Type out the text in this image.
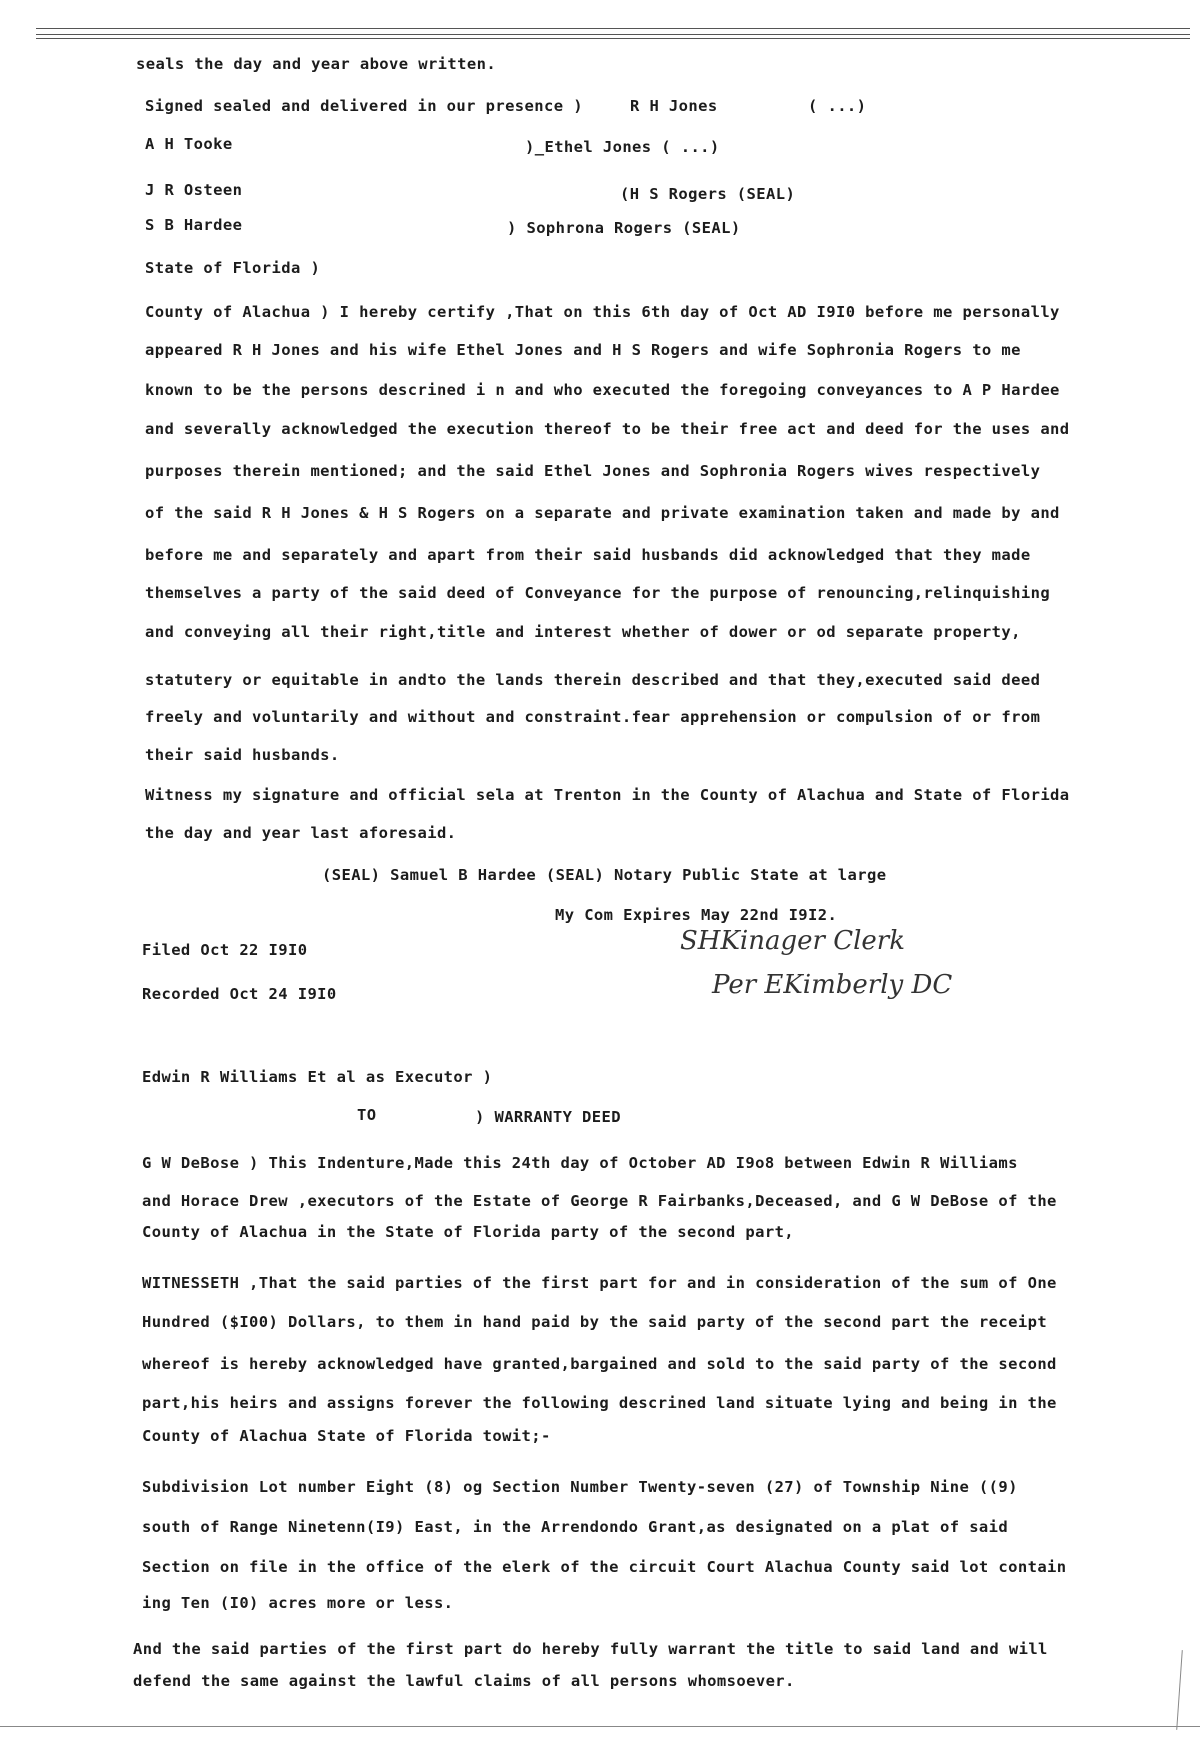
seals the day and year above written.
Signed sealed and delivered in our presence )	R H Jones	( ...)
A H Tooke	)_Ethel Jones ( ...)
J R Osteen	(H S Rogers (SEAL)
S B Hardee	) Sophrona Rogers (SEAL)
State of Florida )
County of Alachua ) I hereby certify ,That on this 6th day of Oct AD I9I0 before me personally
appeared R H Jones and his wife Ethel Jones and H S Rogers and wife Sophronia Rogers to me
known to be the persons descrined i n and who executed the foregoing conveyances to A P Hardee
and severally acknowledged the execution thereof to be their free act and deed for the uses and
purposes therein mentioned; and the said Ethel Jones and Sophronia Rogers wives respectively
of the said R H Jones & H S Rogers on a separate and private examination taken and made by and
before me and separately and apart from their said husbands did acknowledged that they made
themselves a party of the said deed of Conveyance for the purpose of renouncing,relinquishing
and conveying all their right,title and interest whether of dower or od separate property,
statutery or equitable in andto the lands therein described and that they,executed said deed
freely and voluntarily and without and constraint.fear apprehension or compulsion of or from
their said husbands.
Witness my signature and official sela at Trenton in the County of Alachua and State of Florida
the day and year last aforesaid.
(SEAL) Samuel B Hardee (SEAL) Notary Public State at large
My Com Expires May 22nd I9I2.
Filed Oct 22 I9I0
Recorded Oct 24 I9I0
Edwin R Williams Et al as Executor )
TO	) WARRANTY DEED
G W DeBose ) This Indenture,Made this 24th day of October AD I9o8 between Edwin R Williams
and Horace Drew ,executors of the Estate of George R Fairbanks,Deceased, and G W DeBose of the
County of Alachua in the State of Florida party of the second part,
WITNESSETH ,That the said parties of the first part for and in consideration of the sum of One
Hundred ($I00) Dollars, to them in hand paid by the said party of the second part the receipt
whereof is hereby acknowledged have granted,bargained and sold to the said party of the second
part,his heirs and assigns forever the following descrined land situate lying and being in the
County of Alachua State of Florida towit;-
Subdivision Lot number Eight (8) og Section Number Twenty-seven (27) of Township Nine ((9)
south of Range Ninetenn(I9) East, in the Arrendondo Grant,as designated on a plat of said
Section on file in the office of the elerk of the circuit Court Alachua County said lot contain
ing Ten (I0) acres more or less.
And the said parties of the first part do hereby fully warrant the title to said land and will
defend the same against the lawful claims of all persons whomsoever.
SHKinager Clerk
Per EKimberly DC
